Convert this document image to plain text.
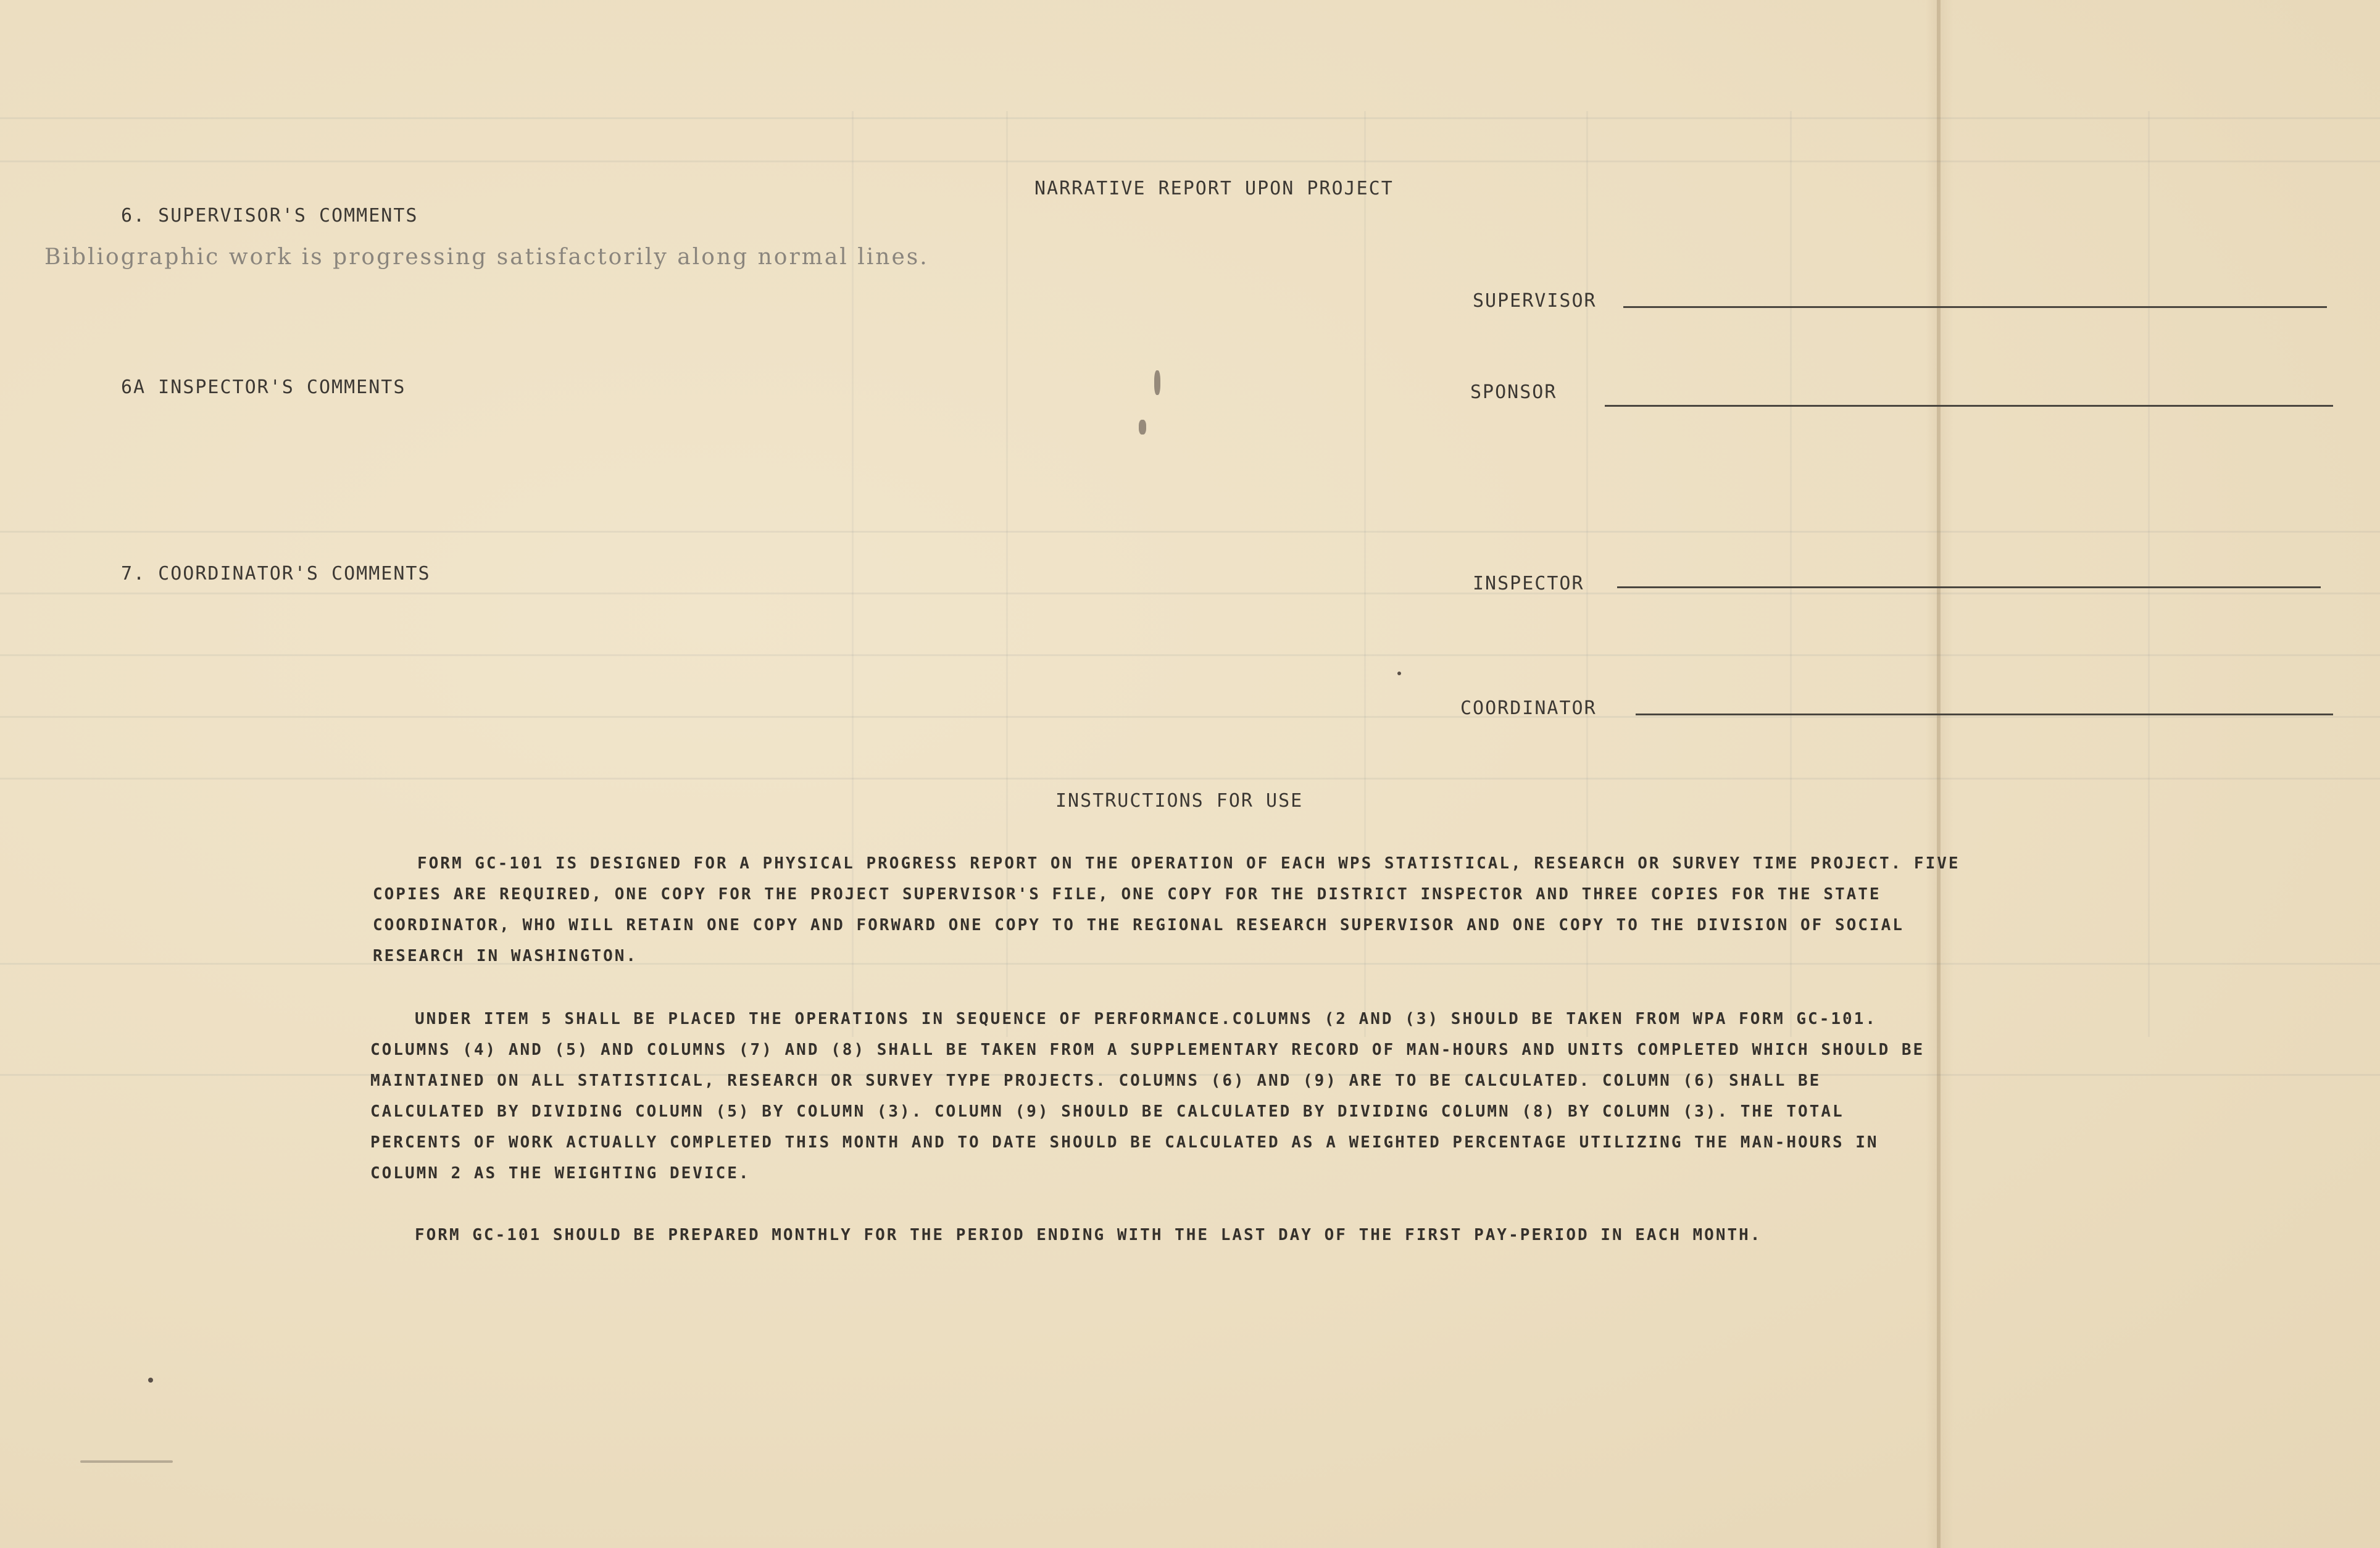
NARRATIVE REPORT UPON PROJECT
6. SUPERVISOR'S COMMENTS
Bibliographic work is progressing satisfactorily along normal lines.
6A INSPECTOR'S COMMENTS
7. COORDINATOR'S COMMENTS
SUPERVISOR
SPONSOR
INSPECTOR
COORDINATOR
INSTRUCTIONS FOR USE
FORM GC-101 IS DESIGNED FOR A PHYSICAL PROGRESS REPORT ON THE OPERATION OF EACH WPS STATISTICAL, RESEARCH OR SURVEY TIME PROJECT. FIVE COPIES ARE REQUIRED, ONE COPY FOR THE PROJECT SUPERVISOR'S FILE, ONE COPY FOR THE DISTRICT INSPECTOR AND THREE COPIES FOR THE STATE COORDINATOR, WHO WILL RETAIN ONE COPY AND FORWARD ONE COPY TO THE REGIONAL RESEARCH SUPERVISOR AND ONE COPY TO THE DIVISION OF SOCIAL RESEARCH IN WASHINGTON.
UNDER ITEM 5 SHALL BE PLACED THE OPERATIONS IN SEQUENCE OF PERFORMANCE.COLUMNS (2 AND (3) SHOULD BE TAKEN FROM WPA FORM GC-101. COLUMNS (4) AND (5) AND COLUMNS (7) AND (8) SHALL BE TAKEN FROM A SUPPLEMENTARY RECORD OF MAN-HOURS AND UNITS COMPLETED WHICH SHOULD BE MAINTAINED ON ALL STATISTICAL, RESEARCH OR SURVEY TYPE PROJECTS. COLUMNS (6) AND (9) ARE TO BE CALCULATED. COLUMN (6) SHALL BE CALCULATED BY DIVIDING COLUMN (5) BY COLUMN (3). COLUMN (9) SHOULD BE CALCULATED BY DIVIDING COLUMN (8) BY COLUMN (3). THE TOTAL PERCENTS OF WORK ACTUALLY COMPLETED THIS MONTH AND TO DATE SHOULD BE CALCULATED AS A WEIGHTED PERCENTAGE UTILIZING THE MAN-HOURS IN COLUMN 2 AS THE WEIGHTING DEVICE.
FORM GC-101 SHOULD BE PREPARED MONTHLY FOR THE PERIOD ENDING WITH THE LAST DAY OF THE FIRST PAY-PERIOD IN EACH MONTH.
